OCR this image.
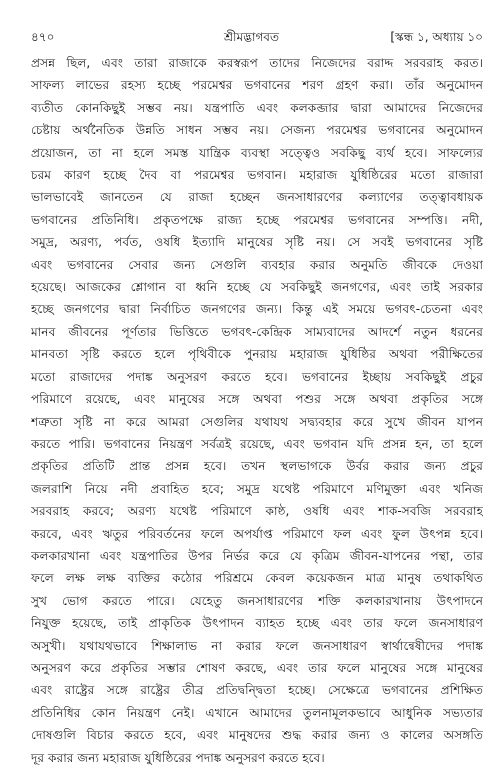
৪৭০	শ্রীমদ্ভাগবত	[স্কন্ধ ১, অধ্যায় ১০
প্রসন্ন ছিল, এবং তারা রাজাকে করস্বরূপ তাদের নিজেদের বরাদ্দ সরবরাহ করত।
সাফল্য লাভের রহস্য হচ্ছে পরমেশ্বর ভগবানের শরণ গ্রহণ করা। তাঁর অনুমোদন
ব্যতীত কোনকিছুই সম্ভব নয়। যন্ত্রপাতি এবং কলকব্জার দ্বারা আমাদের নিজেদের
চেষ্টায় অর্থনৈতিক উন্নতি সাধন সম্ভব নয়। সেজন্য পরমেশ্বর ভগবানের অনুমোদন
প্রয়োজন, তা না হলে সমস্ত যান্ত্রিক ব্যবস্থা সত্ত্বেও সবকিছু ব্যর্থ হবে। সাফল্যের
চরম কারণ হচ্ছে দৈব বা পরমেশ্বর ভগবান। মহারাজ যুধিষ্ঠিরের মতো রাজারা
ভালভাবেই জানতেন যে রাজা হচ্ছেন জনসাধারণের কল্যাণের তত্ত্বাবধায়ক
ভগবানের প্রতিনিধি। প্রকৃতপক্ষে রাজ্য হচ্ছে পরমেশ্বর ভগবানের সম্পত্তি। নদী,
সমুদ্র, অরণ্য, পর্বত, ওষধি ইত্যাদি মানুষের সৃষ্টি নয়। সে সবই ভগবানের সৃষ্টি
এবং ভগবানের সেবার জন্য সেগুলি ব্যবহার করার অনুমতি জীবকে দেওয়া
হয়েছে। আজকের শ্লোগান বা ধ্বনি হচ্ছে যে সবকিছুই জনগণের, এবং তাই সরকার
হচ্ছে জনগণের দ্বারা নির্বাচিত জনগণের জন্য। কিন্তু এই সময়ে ভগবৎ-চেতনা এবং
মানব জীবনের পূর্ণতার ভিত্তিতে ভগবৎ-কেন্দ্রিক সাম্যবাদের আদর্শে নতুন ধরনের
মানবতা সৃষ্টি করতে হলে পৃথিবীকে পুনরায় মহারাজ যুধিষ্ঠির অথবা পরীক্ষিতের
মতো রাজাদের পদাঙ্ক অনুসরণ করতে হবে। ভগবানের ইচ্ছায় সবকিছুই প্রচুর
পরিমাণে রয়েছে, এবং মানুষের সঙ্গে অথবা পশুর সঙ্গে অথবা প্রকৃতির সঙ্গে
শত্রুতা সৃষ্টি না করে আমরা সেগুলির যথাযথ সদ্ব্যবহার করে সুখে জীবন যাপন
করতে পারি। ভগবানের নিয়ন্ত্রণ সর্বত্রই রয়েছে, এবং ভগবান যদি প্রসন্ন হন, তা হলে
প্রকৃতির প্রতিটি প্রান্ত প্রসন্ন হবে। তখন স্থলভাগকে উর্বর করার জন্য প্রচুর
জলরাশি নিয়ে নদী প্রবাহিত হবে; সমুদ্র যথেষ্ট পরিমাণে মণিমুক্তা এবং খনিজ
সরবরাহ করবে; অরণ্য যথেষ্ট পরিমাণে কাষ্ঠ, ওষধি এবং শাক-সবজি সরবরাহ
করবে, এবং ঋতুর পরিবর্তনের ফলে অপর্যাপ্ত পরিমাণে ফল এবং ফুল উৎপন্ন হবে।
কলকারখানা এবং যন্ত্রপাতির উপর নির্ভর করে যে কৃত্রিম জীবন-যাপনের পন্থা, তার
ফলে লক্ষ লক্ষ ব্যক্তির কঠোর পরিশ্রমে কেবল কয়েকজন মাত্র মানুষ তথাকথিত
সুখ ভোগ করতে পারে। যেহেতু জনসাধারণের শক্তি কলকারখানায় উৎপাদনে
নিযুক্ত হয়েছে, তাই প্রাকৃতিক উৎপাদন ব্যাহত হচ্ছে এবং তার ফলে জনসাধারণ
অসুখী। যথাযথভাবে শিক্ষালাভ না করার ফলে জনসাধারণ স্বার্থান্বেষীদের পদাঙ্ক
অনুসরণ করে প্রকৃতির সম্ভার শোষণ করছে, এবং তার ফলে মানুষের সঙ্গে মানুষের
এবং রাষ্ট্রের সঙ্গে রাষ্ট্রের তীব্র প্রতিদ্বন্দ্বিতা হচ্ছে। সেক্ষেত্রে ভগবানের প্রশিক্ষিত
প্রতিনিধির কোন নিয়ন্ত্রণ নেই। এখানে আমাদের তুলনামূলকভাবে আধুনিক সভ্যতার
দোষগুলি বিচার করতে হবে, এবং মানুষদের শুদ্ধ করার জন্য ও কালের অসঙ্গতি
দূর করার জন্য মহারাজ যুধিষ্ঠিরের পদাঙ্ক অনুসরণ করতে হবে।
